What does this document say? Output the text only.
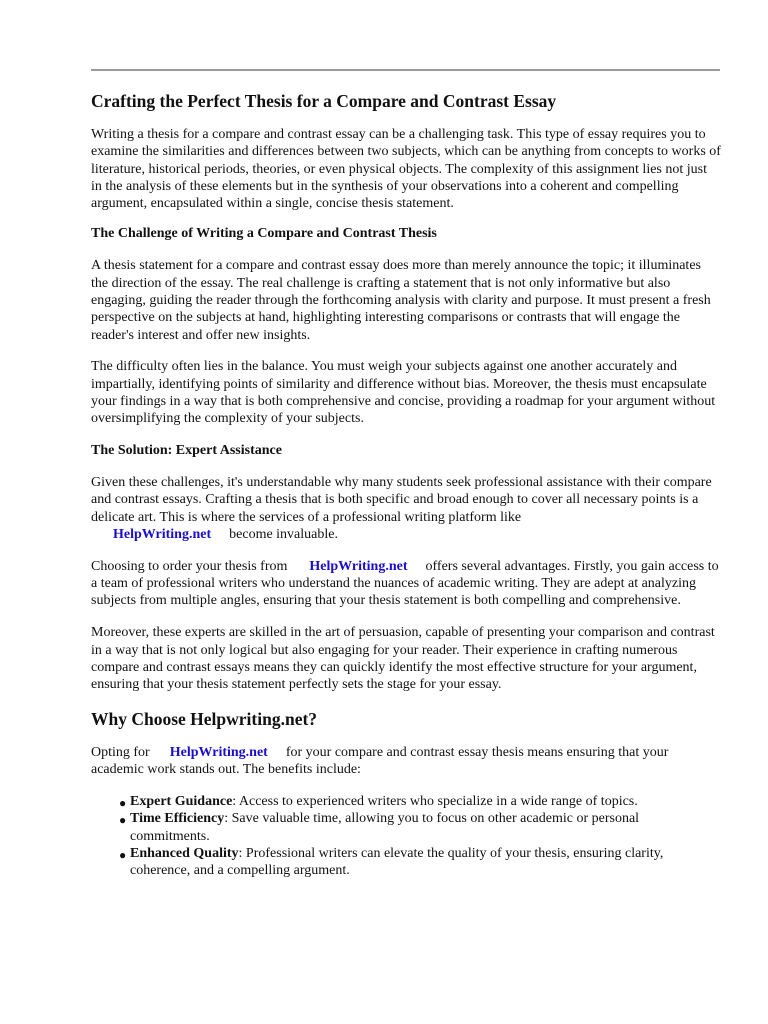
Crafting the Perfect Thesis for a Compare and Contrast Essay

Writing a thesis for a compare and contrast essay can be a challenging task. This type of essay requires you to examine the similarities and differences between two subjects, which can be anything from concepts to works of literature, historical periods, theories, or even physical objects. The complexity of this assignment lies not just in the analysis of these elements but in the synthesis of your observations into a coherent and compelling argument, encapsulated within a single, concise thesis statement.

The Challenge of Writing a Compare and Contrast Thesis

A thesis statement for a compare and contrast essay does more than merely announce the topic; it illuminates the direction of the essay. The real challenge is crafting a statement that is not only informative but also engaging, guiding the reader through the forthcoming analysis with clarity and purpose. It must present a fresh perspective on the subjects at hand, highlighting interesting comparisons or contrasts that will engage the reader's interest and offer new insights.

The difficulty often lies in the balance. You must weigh your subjects against one another accurately and impartially, identifying points of similarity and difference without bias. Moreover, the thesis must encapsulate your findings in a way that is both comprehensive and concise, providing a roadmap for your argument without oversimplifying the complexity of your subjects.

The Solution: Expert Assistance

Given these challenges, it's understandable why many students seek professional assistance with their compare and contrast essays. Crafting a thesis that is both specific and broad enough to cover all necessary points is a delicate art. This is where the services of a professional writing platform like
HelpWriting.net become invaluable.

Choosing to order your thesis from HelpWriting.net offers several advantages. Firstly, you gain access to a team of professional writers who understand the nuances of academic writing. They are adept at analyzing subjects from multiple angles, ensuring that your thesis statement is both compelling and comprehensive.

Moreover, these experts are skilled in the art of persuasion, capable of presenting your comparison and contrast in a way that is not only logical but also engaging for your reader. Their experience in crafting numerous compare and contrast essays means they can quickly identify the most effective structure for your argument, ensuring that your thesis statement perfectly sets the stage for your essay.

Why Choose Helpwriting.net?

Opting for HelpWriting.net for your compare and contrast essay thesis means ensuring that your academic work stands out. The benefits include:

● Expert Guidance: Access to experienced writers who specialize in a wide range of topics.
● Time Efficiency: Save valuable time, allowing you to focus on other academic or personal commitments.
● Enhanced Quality: Professional writers can elevate the quality of your thesis, ensuring clarity, coherence, and a compelling argument.
